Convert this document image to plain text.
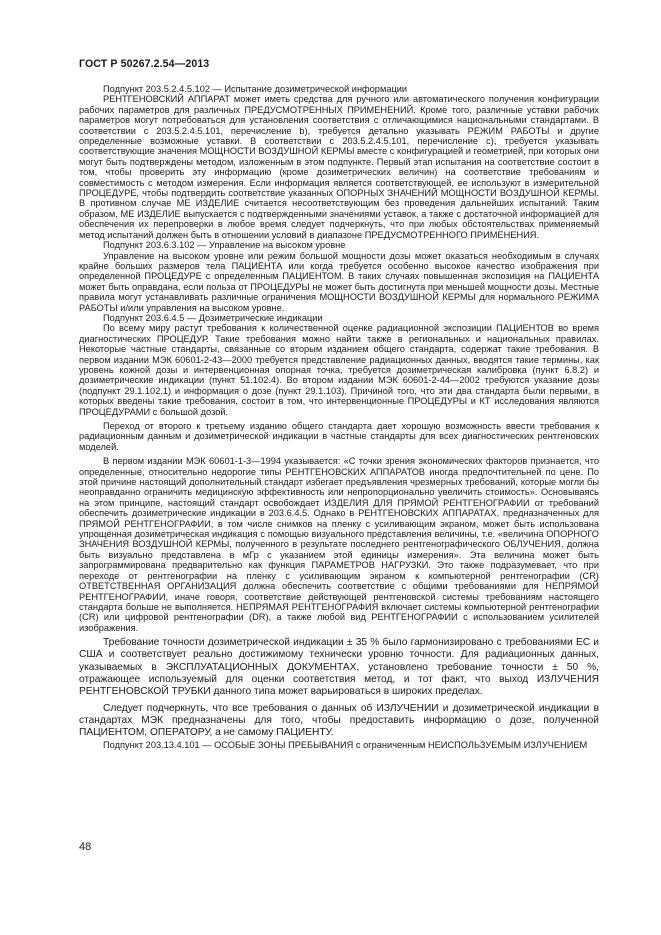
ГОСТ Р 50267.2.54—2013

Подпункт 203.5.2.4.5.102 — Испытание дозиметрической информации

РЕНТГЕНОВСКИЙ АППАРАТ может иметь средства для ручного или автоматического получения конфигурации рабочих параметров для различных ПРЕДУСМОТРЕННЫХ ПРИМЕНЕНИЙ. Кроме того, различные уставки рабочих параметров могут потребоваться для установления соответствия с отличающимися национальными стандартами. В соответствии с 203.5.2.4.5.101, перечисление b), требуется детально указывать РЕЖИМ РАБОТЫ и другие определенные возможные уставки. В соответствии с 203.5.2.4.5.101, перечисление с), требуется указывать соответствующие значения МОЩНОСТИ ВОЗДУШНОЙ КЕРМЫ вместе с конфигурацией и геометрией, при которых они могут быть подтверждены методом, изложенным в этом подпункте. Первый этап испытания на соответствие состоит в том, чтобы проверить эту информацию (кроме дозиметрических величин) на соответствие требованиям и совместимость с методом измерения. Если информация является соответствующей, ее используют в измерительной ПРОЦЕДУРЕ, чтобы подтвердить соответствие указанных ОПОРНЫХ ЗНАЧЕНИЙ МОЩНОСТИ ВОЗДУШНОЙ КЕРМЫ. В противном случае МЕ ИЗДЕЛИЕ считается несоответствующим без проведения дальнейших испытаний. Таким образом, МЕ ИЗДЕЛИЕ выпускается с подтвержденными значениями уставок, а также с достаточной информацией для обеспечения их перепроверки в любое время следует подчеркнуть, что при любых обстоятельствах применяемый метод испытаний должен быть в отношении условий в диапазоне ПРЕДУСМОТРЕННОГО ПРИМЕНЕНИЯ.

Подпункт 203.6.3.102 — Управление на высоком уровне

Управление на высоком уровне или режим большой мощности дозы может оказаться необходимым в случаях крайне больших размеров тела ПАЦИЕНТА или когда требуется особенно высокое качество изображения при определенной ПРОЦЕДУРЕ с определенным ПАЦИЕНТОМ. В таких случаях повышенная экспозиция на ПАЦИЕНТА может быть оправдана, если польза от ПРОЦЕДУРЫ не может быть достигнута при меньшей мощности дозы. Местные правила могут устанавливать различные ограничения МОЩНОСТИ ВОЗДУШНОЙ КЕРМЫ для нормального РЕЖИМА РАБОТЫ и/или управления на высоком уровне.

Подпункт 203.6.4.5 — Дозиметрические индикации

По всему миру растут требования к количественной оценке радиационной экспозиции ПАЦИЕНТОВ во время диагностических ПРОЦЕДУР. Такие требования можно найти также в региональных и национальных правилах. Некоторые частные стандарты, связанные со вторым изданием общего стандарта, содержат такие требования. В первом издании МЭК 60601-2-43—2000 требуется представление радиационных данных, вводятся такие термины, как уровень кожной дозы и интервенционная опорная точка, требуется дозиметрическая калибровка (пункт 6.8.2) и дозиметрические индикации (пункт 51.102.4). Во втором издании МЭК 60601-2-44—2002 требуются указание дозы (подпункт 29.1.102.1) и информация о дозе (пункт 29.1.103). Причиной того, что эти два стандарта были первыми, в которых введены такие требования, состоит в том, что интервенционные ПРОЦЕДУРЫ и КТ исследования являются ПРОЦЕДУРАМИ с большой дозой.

Переход от второго к третьему изданию общего стандарта дает хорошую возможность ввести требования к радиационным данным и дозиметрической индикации в частные стандарты для всех диагностических рентгеновских моделей.

В первом издании МЭК 60601-1-3—1994 указывается: «С точки зрения экономических факторов признается, что определенные, относительно недорогие типы РЕНТГЕНОВСКИХ АППАРАТОВ иногда предпочтительней по цене. По этой причине настоящий дополнительный стандарт избегает предъявления чрезмерных требований, которые могли бы неоправданно ограничить медицинскую эффективность или непропорционально увеличить стоимость». Основываясь на этом принципе, настоящий стандарт освобождает ИЗДЕЛИЯ ДЛЯ ПРЯМОЙ РЕНТГЕНОГРАФИИ от требований обеспечить дозиметрические индикации в 203.6.4.5. Однако в РЕНТГЕНОВСКИХ АППАРАТАХ, предназначенных для ПРЯМОЙ РЕНТГЕНОГРАФИИ, в том числе снимков на пленку с усиливающим экраном, может быть использована упрощенная дозиметрическая индикация с помощью визуального представления величины, т.е. «величина ОПОРНОГО ЗНАЧЕНИЯ ВОЗДУШНОЙ КЕРМЫ, полученного в результате последнего рентгенографического ОБЛУЧЕНИЯ, должна быть визуально представлена в мГр с указанием этой единицы измерения». Эта величина может быть запрограммирована предварительно как функция ПАРАМЕТРОВ НАГРУЗКИ. Это также подразумевает, что при переходе от рентгенографии на пленку с усиливающим экраном к компьютерной рентгенографии (CR) ОТВЕТСТВЕННАЯ ОРГАНИЗАЦИЯ должна обеспечить соответствие с общими требованиями для НЕПРЯМОЙ РЕНТГЕНОГРАФИИ, иначе говоря, соответствие действующей рентгеновской системы требованиям настоящего стандарта больше не выполняется. НЕПРЯМАЯ РЕНТГЕНОГРАФИЯ включает системы компьютерной рентгенографии (CR) или цифровой рентгенографии (DR), а также любой вид РЕНТГЕНОГРАФИИ с использованием усилителей изображения.

Требование точности дозиметрической индикации ± 35 % было гармонизировано с требованиями ЕС и США и соответствует реально достижимому технически уровню точности. Для радиационных данных, указываемых в ЭКСПЛУАТАЦИОННЫХ ДОКУМЕНТАХ, установлено требование точности ± 50 %, отражающее используемый для оценки соответствия метод, и тот факт, что выход ИЗЛУЧЕНИЯ РЕНТГЕНОВСКОЙ ТРУБКИ данного типа может варьироваться в широких пределах.

Следует подчеркнуть, что все требования о данных об ИЗЛУЧЕНИИ и дозиметрической индикации в стандартах МЭК предназначены для того, чтобы предоставить информацию о дозе, полученной ПАЦИЕНТОМ, ОПЕРАТОРУ, а не самому ПАЦИЕНТУ.

Подпункт 203.13.4.101 — ОСОБЫЕ ЗОНЫ ПРЕБЫВАНИЯ с ограниченным НЕИСПОЛЬЗУЕМЫМ ИЗЛУЧЕНИЕМ

48
